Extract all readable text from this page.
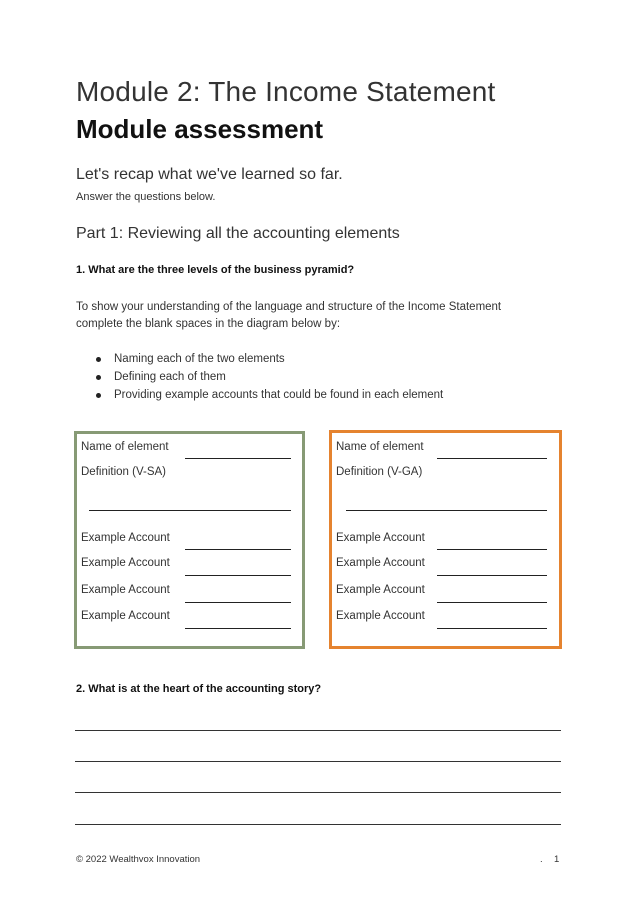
Module 2: The Income Statement
Module assessment
Let's recap what we've learned so far.
Answer the questions below.
Part 1: Reviewing all the accounting elements
1. What are the three levels of the business pyramid?
To show your understanding of the language and structure of the Income Statement complete the blank spaces in the diagram below by:
Naming each of the two elements
Defining each of them
Providing example accounts that could be found in each element
Name of element
Definition (V-SA)
Example Account
Example Account
Example Account
Example Account
Name of element
Definition (V-GA)
Example Account
Example Account
Example Account
Example Account
2. What is at the heart of the accounting story?
© 2022 Wealthvox Innovation	. 1
